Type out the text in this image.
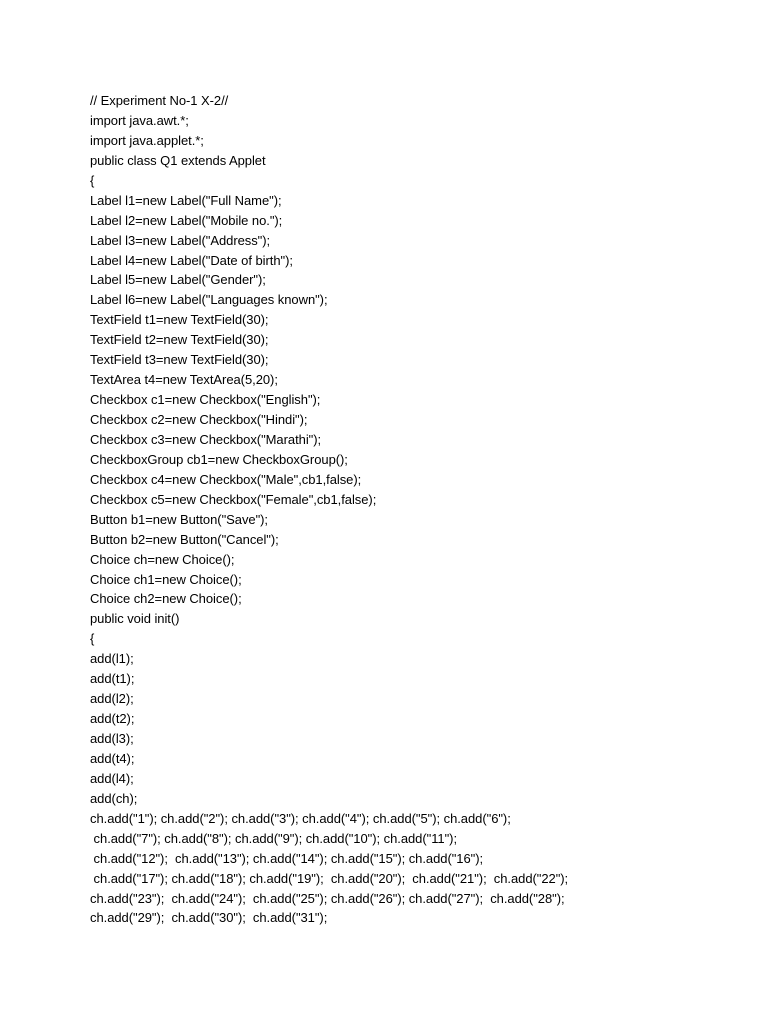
// Experiment No-1 X-2//
import java.awt.*;
import java.applet.*;
public class Q1 extends Applet
{
Label l1=new Label("Full Name");
Label l2=new Label("Mobile no.");
Label l3=new Label("Address");
Label l4=new Label("Date of birth");
Label l5=new Label("Gender");
Label l6=new Label("Languages known");
TextField t1=new TextField(30);
TextField t2=new TextField(30);
TextField t3=new TextField(30);
TextArea t4=new TextArea(5,20);
Checkbox c1=new Checkbox("English");
Checkbox c2=new Checkbox("Hindi");
Checkbox c3=new Checkbox("Marathi");
CheckboxGroup cb1=new CheckboxGroup();
Checkbox c4=new Checkbox("Male",cb1,false);
Checkbox c5=new Checkbox("Female",cb1,false);
Button b1=new Button("Save");
Button b2=new Button("Cancel");
Choice ch=new Choice();
Choice ch1=new Choice();
Choice ch2=new Choice();
public void init()
{
add(l1);
add(t1);
add(l2);
add(t2);
add(l3);
add(t4);
add(l4);
add(ch);
ch.add("1"); ch.add("2"); ch.add("3"); ch.add("4"); ch.add("5"); ch.add("6");
ch.add("7"); ch.add("8"); ch.add("9"); ch.add("10"); ch.add("11");
ch.add("12");  ch.add("13"); ch.add("14"); ch.add("15"); ch.add("16");
ch.add("17"); ch.add("18"); ch.add("19");  ch.add("20");  ch.add("21");  ch.add("22");
ch.add("23");  ch.add("24");  ch.add("25"); ch.add("26"); ch.add("27");  ch.add("28");
ch.add("29");  ch.add("30");  ch.add("31");
